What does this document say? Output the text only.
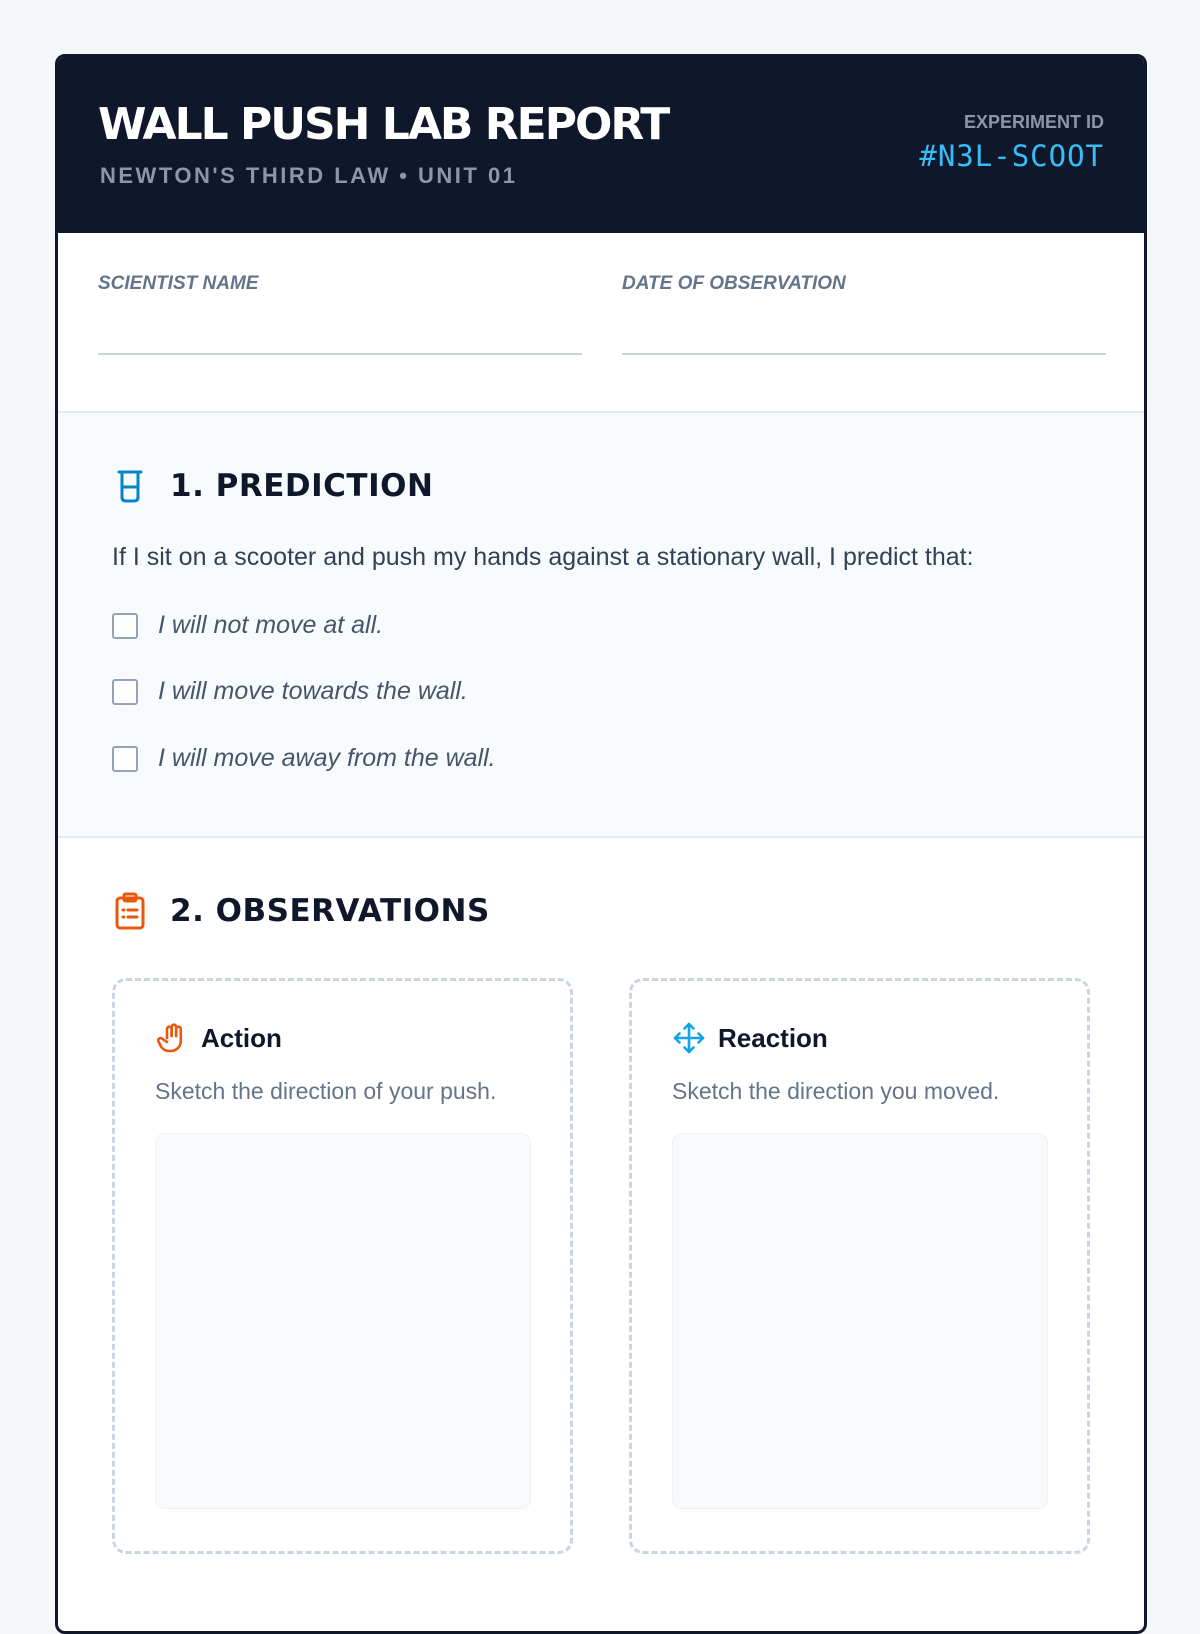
WALL PUSH LAB REPORT
NEWTON'S THIRD LAW • UNIT 01
EXPERIMENT ID
#N3L-SCOOT
SCIENTIST NAME	DATE OF OBSERVATION
1. PREDICTION
If I sit on a scooter and push my hands against a stationary wall, I predict that:
I will not move at all.
I will move towards the wall.
I will move away from the wall.
2. OBSERVATIONS
Action
Sketch the direction of your push.
Reaction
Sketch the direction you moved.
